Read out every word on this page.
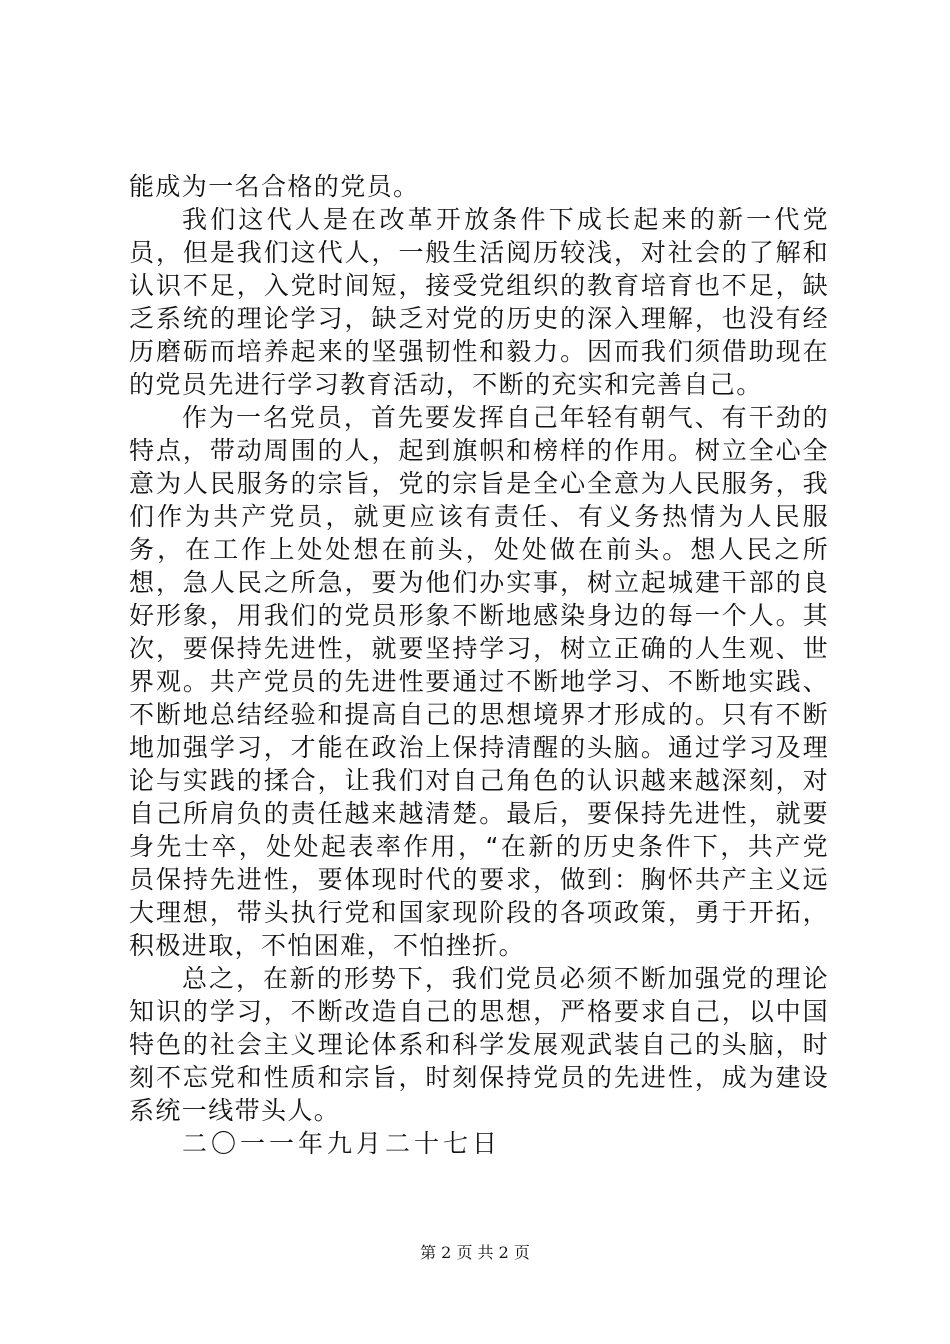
能成为一名合格的党员。

我们这代人是在改革开放条件下成长起来的新一代党员，但是我们这代人，一般生活阅历较浅，对社会的了解和认识不足，入党时间短，接受党组织的教育培育也不足，缺乏系统的理论学习，缺乏对党的历史的深入理解，也没有经历磨砺而培养起来的坚强韧性和毅力。因而我们须借助现在的党员先进行学习教育活动，不断的充实和完善自己。

作为一名党员，首先要发挥自己年轻有朝气、有干劲的特点，带动周围的人，起到旗帜和榜样的作用。树立全心全意为人民服务的宗旨，党的宗旨是全心全意为人民服务，我们作为共产党员，就更应该有责任、有义务热情为人民服务，在工作上处处想在前头，处处做在前头。想人民之所想，急人民之所急，要为他们办实事，树立起城建干部的良好形象，用我们的党员形象不断地感染身边的每一个人。其次，要保持先进性，就要坚持学习，树立正确的人生观、世界观。共产党员的先进性要通过不断地学习、不断地实践、不断地总结经验和提高自己的思想境界才形成的。只有不断地加强学习，才能在政治上保持清醒的头脑。通过学习及理论与实践的揉合，让我们对自己角色的认识越来越深刻，对自己所肩负的责任越来越清楚。最后，要保持先进性，就要身先士卒，处处起表率作用，“在新的历史条件下，共产党员保持先进性，要体现时代的要求，做到：胸怀共产主义远大理想，带头执行党和国家现阶段的各项政策，勇于开拓，积极进取，不怕困难，不怕挫折。

总之，在新的形势下，我们党员必须不断加强党的理论知识的学习，不断改造自己的思想，严格要求自己，以中国特色的社会主义理论体系和科学发展观武装自己的头脑，时刻不忘党和性质和宗旨，时刻保持党员的先进性，成为建设系统一线带头人。

二〇一一年九月二十七日

第 2 页 共 2 页
